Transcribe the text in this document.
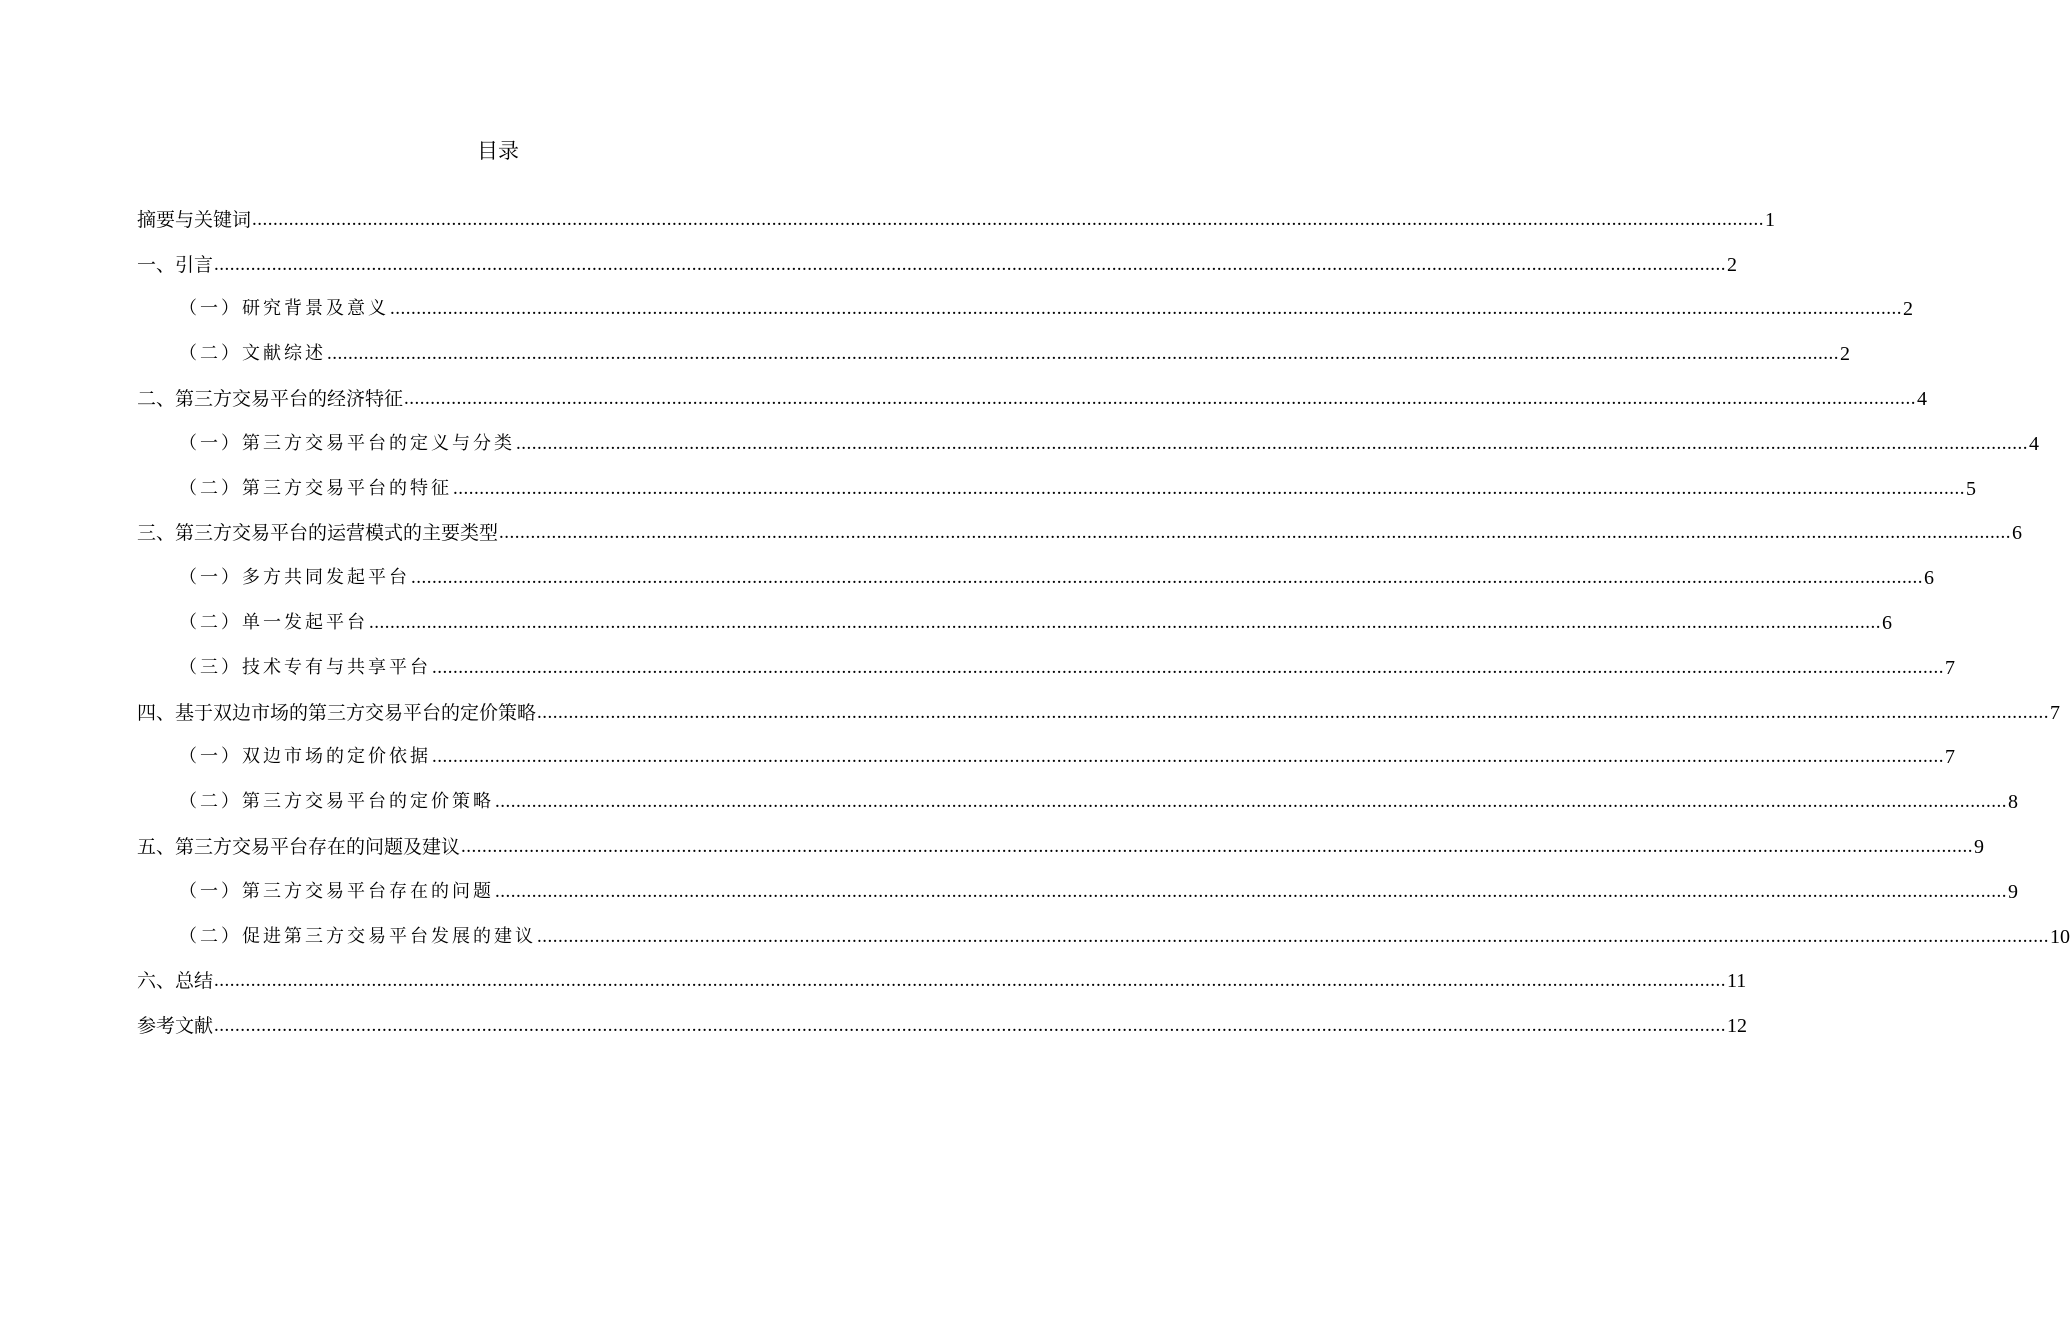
目录
摘要与关键词 ................................................................................................................................................................................................................................................................................................ 1
一、引言 ................................................................................................................................................................................................................................................................................................ 2
（一）研究背景及意义 ................................................................................................................................................................................................................................................................................................ 2
（二）文献综述 ................................................................................................................................................................................................................................................................................................ 2
二、第三方交易平台的经济特征 ................................................................................................................................................................................................................................................................................................ 4
（一）第三方交易平台的定义与分类 ................................................................................................................................................................................................................................................................................................ 4
（二）第三方交易平台的特征 ................................................................................................................................................................................................................................................................................................ 5
三、第三方交易平台的运营模式的主要类型 ................................................................................................................................................................................................................................................................................................ 6
（一）多方共同发起平台 ................................................................................................................................................................................................................................................................................................ 6
（二）单一发起平台 ................................................................................................................................................................................................................................................................................................ 6
（三）技术专有与共享平台 ................................................................................................................................................................................................................................................................................................ 7
四、基于双边市场的第三方交易平台的定价策略 ................................................................................................................................................................................................................................................................................................ 7
（一）双边市场的定价依据 ................................................................................................................................................................................................................................................................................................ 7
（二）第三方交易平台的定价策略 ................................................................................................................................................................................................................................................................................................ 8
五、第三方交易平台存在的问题及建议 ................................................................................................................................................................................................................................................................................................ 9
（一）第三方交易平台存在的问题 ................................................................................................................................................................................................................................................................................................ 9
（二）促进第三方交易平台发展的建议 ................................................................................................................................................................................................................................................................................................ 10
六、总结 ................................................................................................................................................................................................................................................................................................ 11
参考文献 ................................................................................................................................................................................................................................................................................................ 12
